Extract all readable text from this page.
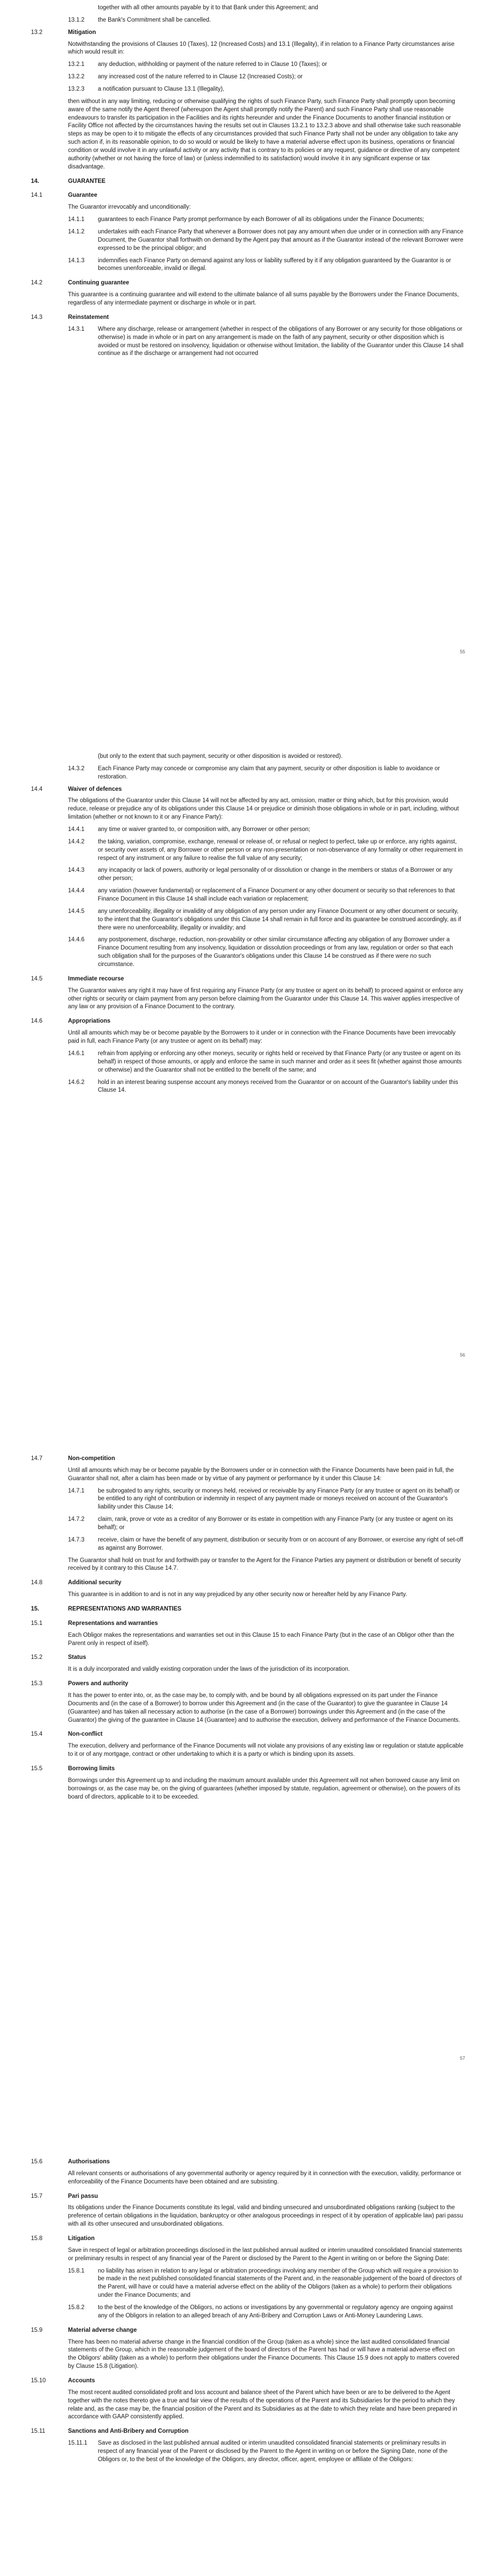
together with all other amounts payable by it to that Bank under this Agreement; and
13.1.2 the Bank's Commitment shall be cancelled.
13.2	Mitigation
Notwithstanding the provisions of Clauses 10 (Taxes), 12 (Increased Costs) and 13.1 (Illegality), if in relation to a Finance Party circumstances arise which would result in:
13.2.1 any deduction, withholding or payment of the nature referred to in Clause 10 (Taxes); or
13.2.2 any increased cost of the nature referred to in Clause 12 (Increased Costs); or
13.2.3 a notification pursuant to Clause 13.1 (Illegality),
then without in any way limiting, reducing or otherwise qualifying the rights of such Finance Party, such Finance Party shall promptly upon becoming aware of the same notify the Agent thereof (whereupon the Agent shall promptly notify the Parent) and such Finance Party shall use reasonable endeavours to transfer its participation in the Facilities and its rights hereunder and under the Finance Documents to another financial institution or Facility Office not affected by the circumstances having the results set out in Clauses 13.2.1 to 13.2.3 above and shall otherwise take such reasonable steps as may be open to it to mitigate the effects of any circumstances provided that such Finance Party shall not be under any obligation to take any such action if, in its reasonable opinion, to do so would or would be likely to have a material adverse effect upon its business, operations or financial condition or would involve it in any unlawful activity or any activity that is contrary to its policies or any request, guidance or directive of any competent authority (whether or not having the force of law) or (unless indemnified to its satisfaction) would involve it in any significant expense or tax disadvantage.
14.	GUARANTEE
14.1	Guarantee
The Guarantor irrevocably and unconditionally:
14.1.1 guarantees to each Finance Party prompt performance by each Borrower of all its obligations under the Finance Documents;
14.1.2 undertakes with each Finance Party that whenever a Borrower does not pay any amount when due under or in connection with any Finance Document, the Guarantor shall forthwith on demand by the Agent pay that amount as if the Guarantor instead of the relevant Borrower were expressed to be the principal obligor; and
14.1.3 indemnifies each Finance Party on demand against any loss or liability suffered by it if any obligation guaranteed by the Guarantor is or becomes unenforceable, invalid or illegal.
14.2	Continuing guarantee
This guarantee is a continuing guarantee and will extend to the ultimate balance of all sums payable by the Borrowers under the Finance Documents, regardless of any intermediate payment or discharge in whole or in part.
14.3	Reinstatement
14.3.1 Where any discharge, release or arrangement (whether in respect of the obligations of any Borrower or any security for those obligations or otherwise) is made in whole or in part on any arrangement is made on the faith of any payment, security or other disposition which is avoided or must be restored on insolvency, liquidation or otherwise without limitation, the liability of the Guarantor under this Clause 14 shall continue as if the discharge or arrangement had not occurred
55
(but only to the extent that such payment, security or other disposition is avoided or restored).
14.3.2 Each Finance Party may concede or compromise any claim that any payment, security or other disposition is liable to avoidance or restoration.
14.4	Waiver of defences
The obligations of the Guarantor under this Clause 14 will not be affected by any act, omission, matter or thing which, but for this provision, would reduce, release or prejudice any of its obligations under this Clause 14 or prejudice or diminish those obligations in whole or in part, including, without limitation (whether or not known to it or any Finance Party):
14.4.1 any time or waiver granted to, or composition with, any Borrower or other person;
14.4.2 the taking, variation, compromise, exchange, renewal or release of, or refusal or neglect to perfect, take up or enforce, any rights against, or security over assets of, any Borrower or other person or any non-presentation or non-observance of any formality or other requirement in respect of any instrument or any failure to realise the full value of any security;
14.4.3 any incapacity or lack of powers, authority or legal personality of or dissolution or change in the members or status of a Borrower or any other person;
14.4.4 any variation (however fundamental) or replacement of a Finance Document or any other document or security so that references to that Finance Document in this Clause 14 shall include each variation or replacement;
14.4.5 any unenforceability, illegality or invalidity of any obligation of any person under any Finance Document or any other document or security, to the intent that the Guarantor's obligations under this Clause 14 shall remain in full force and its guarantee be construed accordingly, as if there were no unenforceability, illegality or invalidity; and
14.4.6 any postponement, discharge, reduction, non-provability or other similar circumstance affecting any obligation of any Borrower under a Finance Document resulting from any insolvency, liquidation or dissolution proceedings or from any law, regulation or order so that each such obligation shall for the purposes of the Guarantor's obligations under this Clause 14 be construed as if there were no such circumstance.
14.5	Immediate recourse
The Guarantor waives any right it may have of first requiring any Finance Party (or any trustee or agent on its behalf) to proceed against or enforce any other rights or security or claim payment from any person before claiming from the Guarantor under this Clause 14. This waiver applies irrespective of any law or any provision of a Finance Document to the contrary.
14.6	Appropriations
Until all amounts which may be or become payable by the Borrowers to it under or in connection with the Finance Documents have been irrevocably paid in full, each Finance Party (or any trustee or agent on its behalf) may:
14.6.1 refrain from applying or enforcing any other moneys, security or rights held or received by that Finance Party (or any trustee or agent on its behalf) in respect of those amounts, or apply and enforce the same in such manner and order as it sees fit (whether against those amounts or otherwise) and the Guarantor shall not be entitled to the benefit of the same; and
14.6.2 hold in an interest bearing suspense account any moneys received from the Guarantor or on account of the Guarantor's liability under this Clause 14.
56
14.7	Non-competition
Until all amounts which may be or become payable by the Borrowers under or in connection with the Finance Documents have been paid in full, the Guarantor shall not, after a claim has been made or by virtue of any payment or performance by it under this Clause 14:
14.7.1 be subrogated to any rights, security or moneys held, received or receivable by any Finance Party (or any trustee or agent on its behalf) or be entitled to any right of contribution or indemnity in respect of any payment made or moneys received on account of the Guarantor's liability under this Clause 14;
14.7.2 claim, rank, prove or vote as a creditor of any Borrower or its estate in competition with any Finance Party (or any trustee or agent on its behalf); or
14.7.3 receive, claim or have the benefit of any payment, distribution or security from or on account of any Borrower, or exercise any right of set-off as against any Borrower.
The Guarantor shall hold on trust for and forthwith pay or transfer to the Agent for the Finance Parties any payment or distribution or benefit of security received by it contrary to this Clause 14.7.
14.8	Additional security
This guarantee is in addition to and is not in any way prejudiced by any other security now or hereafter held by any Finance Party.
15.	REPRESENTATIONS AND WARRANTIES
15.1	Representations and warranties
Each Obligor makes the representations and warranties set out in this Clause 15 to each Finance Party (but in the case of an Obligor other than the Parent only in respect of itself).
15.2	Status
It is a duly incorporated and validly existing corporation under the laws of the jurisdiction of its incorporation.
15.3	Powers and authority
It has the power to enter into, or, as the case may be, to comply with, and be bound by all obligations expressed on its part under the Finance Documents and (in the case of a Borrower) to borrow under this Agreement and (in the case of the Guarantor) to give the guarantee in Clause 14 (Guarantee) and has taken all necessary action to authorise (in the case of a Borrower) borrowings under this Agreement and (in the case of the Guarantor) the giving of the guarantee in Clause 14 (Guarantee) and to authorise the execution, delivery and performance of the Finance Documents.
15.4	Non-conflict
The execution, delivery and performance of the Finance Documents will not violate any provisions of any existing law or regulation or statute applicable to it or of any mortgage, contract or other undertaking to which it is a party or which is binding upon its assets.
15.5	Borrowing limits
Borrowings under this Agreement up to and including the maximum amount available under this Agreement will not when borrowed cause any limit on borrowings or, as the case may be, on the giving of guarantees (whether imposed by statute, regulation, agreement or otherwise), on the powers of its board of directors, applicable to it to be exceeded.
57
15.6	Authorisations
All relevant consents or authorisations of any governmental authority or agency required by it in connection with the execution, validity, performance or enforceability of the Finance Documents have been obtained and are subsisting.
15.7	Pari passu
Its obligations under the Finance Documents constitute its legal, valid and binding unsecured and unsubordinated obligations ranking (subject to the preference of certain obligations in the liquidation, bankruptcy or other analogous proceedings in respect of it by operation of applicable law) pari passu with all its other unsecured and unsubordinated obligations.
15.8	Litigation
Save in respect of legal or arbitration proceedings disclosed in the last published annual audited or interim unaudited consolidated financial statements or preliminary results in respect of any financial year of the Parent or disclosed by the Parent to the Agent in writing on or before the Signing Date:
15.8.1 no liability has arisen in relation to any legal or arbitration proceedings involving any member of the Group which will require a provision to be made in the next published consolidated financial statements of the Parent and, in the reasonable judgement of the board of directors of the Parent, will have or could have a material adverse effect on the ability of the Obligors (taken as a whole) to perform their obligations under the Finance Documents; and
15.8.2 to the best of the knowledge of the Obligors, no actions or investigations by any governmental or regulatory agency are ongoing against any of the Obligors in relation to an alleged breach of any Anti-Bribery and Corruption Laws or Anti-Money Laundering Laws.
15.9	Material adverse change
There has been no material adverse change in the financial condition of the Group (taken as a whole) since the last audited consolidated financial statements of the Group, which in the reasonable judgement of the board of directors of the Parent has had or will have a material adverse effect on the Obligors' ability (taken as a whole) to perform their obligations under the Finance Documents. This Clause 15.9 does not apply to matters covered by Clause 15.8 (Litigation).
15.10	Accounts
The most recent audited consolidated profit and loss account and balance sheet of the Parent which have been or are to be delivered to the Agent together with the notes thereto give a true and fair view of the results of the operations of the Parent and its Subsidiaries for the period to which they relate and, as the case may be, the financial position of the Parent and its Subsidiaries as at the date to which they relate and have been prepared in accordance with GAAP consistently applied.
15.11	Sanctions and Anti-Bribery and Corruption
15.11.1 Save as disclosed in the last published annual audited or interim unaudited consolidated financial statements or preliminary results in respect of any financial year of the Parent or disclosed by the Parent to the Agent in writing on or before the Signing Date, none of the Obligors or, to the best of the knowledge of the Obligors, any director, officer, agent, employee or affiliate of the Obligors:
